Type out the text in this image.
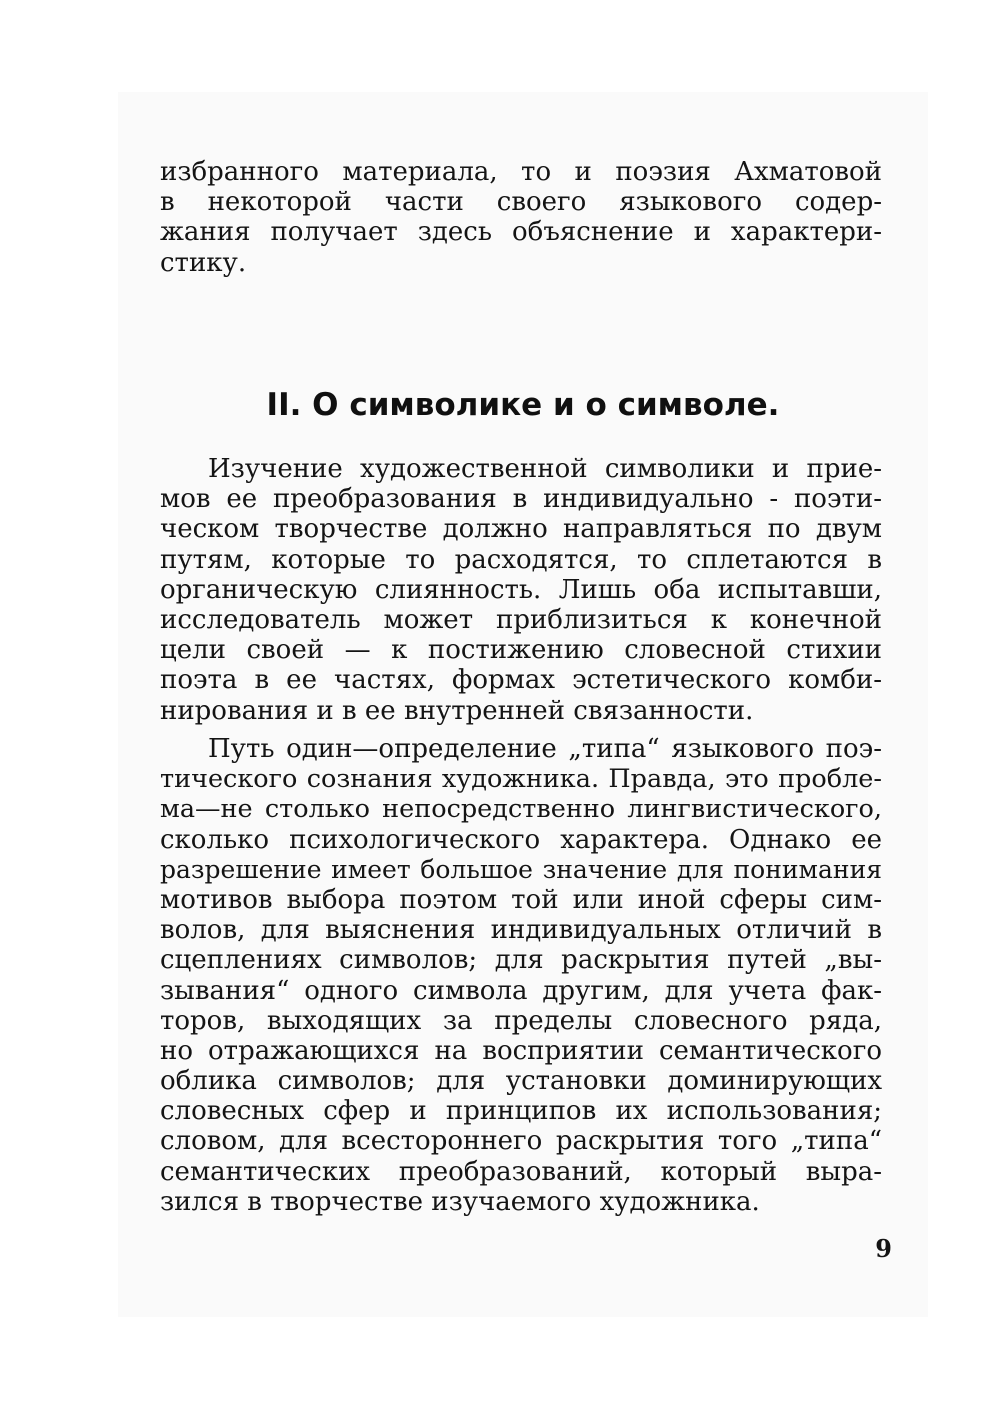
избранного материала, то и поэзия Ахматовой
в некоторой части своего языкового содер-
жания получает здесь объяснение и характери-
стику.
II. О символике и о символе.
Изучение художественной символики и прие-
мов ее преобразования в индивидуально - поэти-
ческом творчестве должно направляться по двум
путям, которые то расходятся, то сплетаются в
органическую слиянность. Лишь оба испытавши,
исследователь может приблизиться к конечной
цели своей — к постижению словесной стихии
поэта в ее частях, формах эстетического комби-
нирования и в ее внутренней связанности.
Путь один—определение „типа“ языкового поэ-
тического сознания художника. Правда, это пробле-
ма—не столько непосредственно лингвистического,
сколько психологического характера. Однако ее
разрешение имеет большое значение для понимания
мотивов выбора поэтом той или иной сферы сим-
волов, для выяснения индивидуальных отличий в
сцеплениях символов; для раскрытия путей „вы-
зывания“ одного символа другим, для учета фак-
торов, выходящих за пределы словесного ряда,
но отражающихся на восприятии семантического
облика символов; для установки доминирующих
словесных сфер и принципов их использования;
словом, для всестороннего раскрытия того „типа“
семантических преобразований, который выра-
зился в творчестве изучаемого художника.
9
